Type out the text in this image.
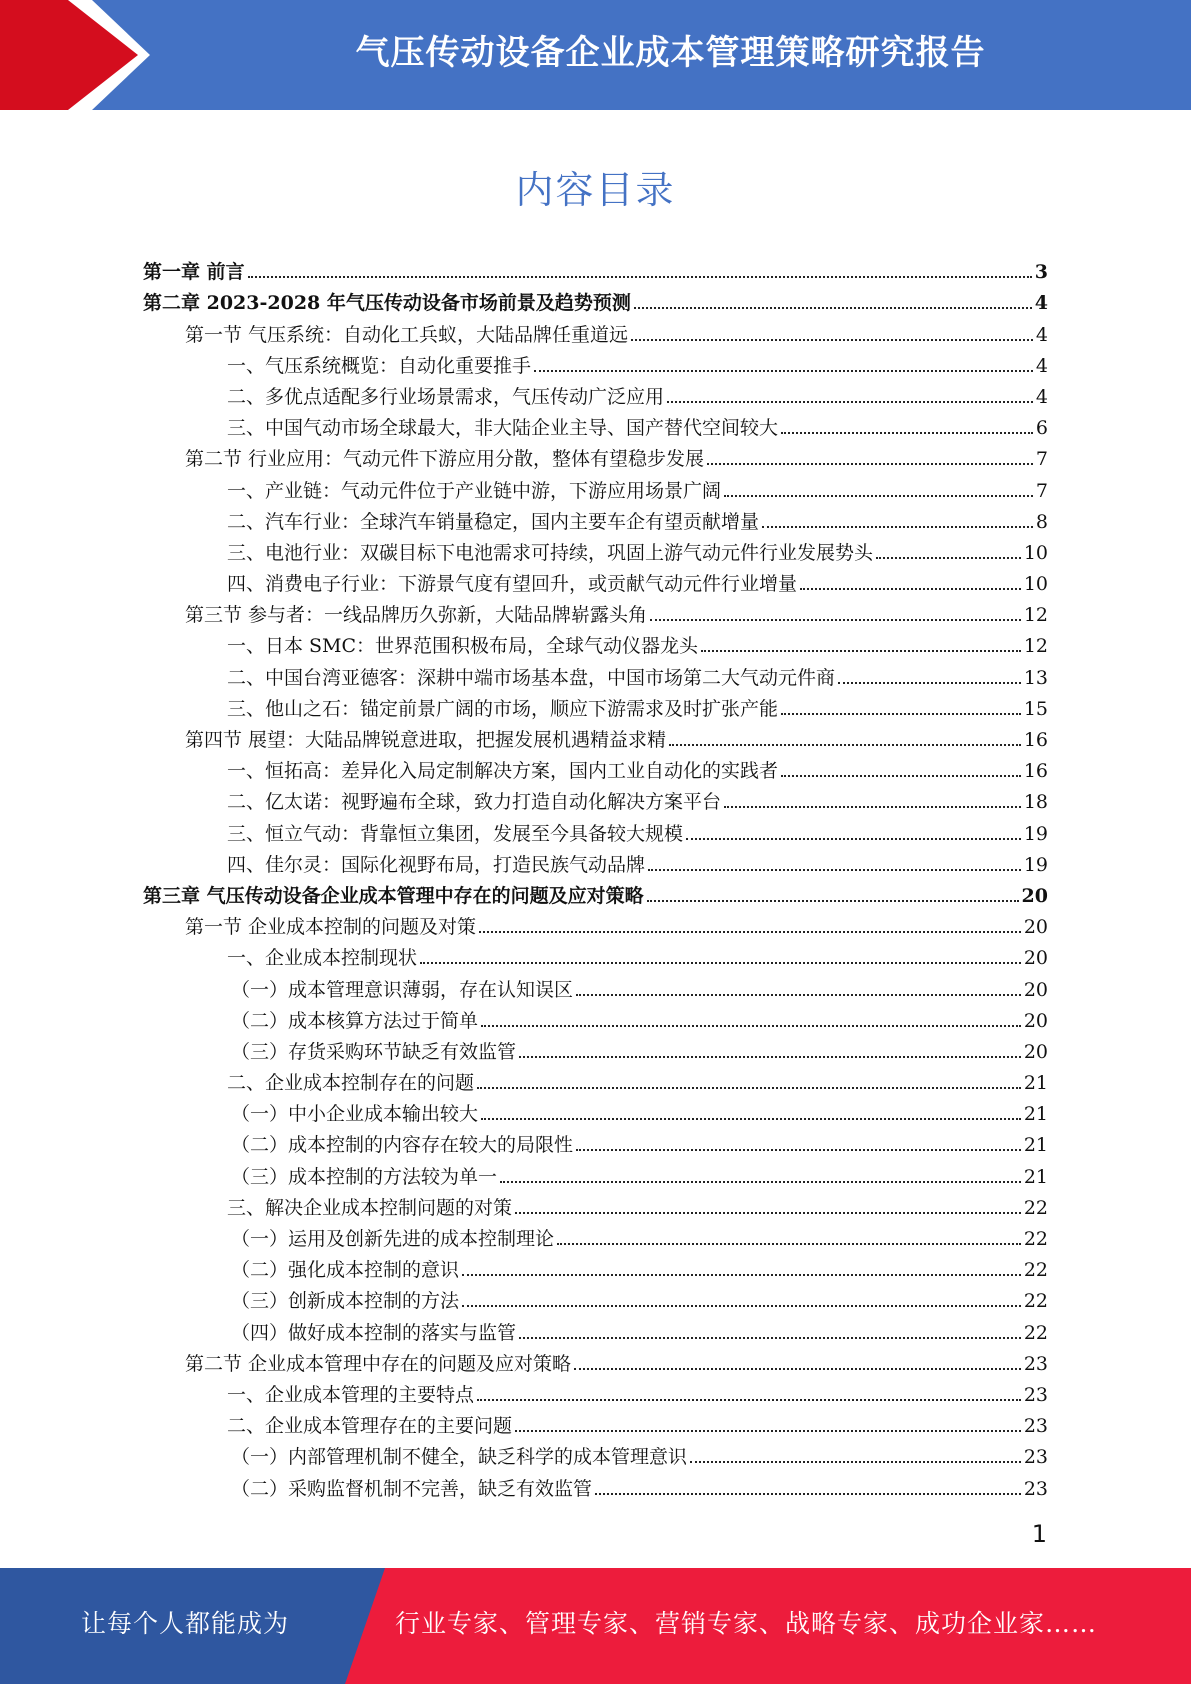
气压传动设备企业成本管理策略研究报告
内容目录
第一章 前言	3
第二章 2023-2028 年气压传动设备市场前景及趋势预测	4
第一节 气压系统：自动化工兵蚁，大陆品牌任重道远	4
一、气压系统概览：自动化重要推手	4
二、多优点适配多行业场景需求，气压传动广泛应用	4
三、中国气动市场全球最大，非大陆企业主导、国产替代空间较大	6
第二节 行业应用：气动元件下游应用分散，整体有望稳步发展	7
一、产业链：气动元件位于产业链中游，下游应用场景广阔	7
二、汽车行业：全球汽车销量稳定，国内主要车企有望贡献增量	8
三、电池行业：双碳目标下电池需求可持续，巩固上游气动元件行业发展势头	10
四、消费电子行业：下游景气度有望回升，或贡献气动元件行业增量	10
第三节 参与者：一线品牌历久弥新，大陆品牌崭露头角	12
一、日本 SMC：世界范围积极布局，全球气动仪器龙头	12
二、中国台湾亚德客：深耕中端市场基本盘，中国市场第二大气动元件商	13
三、他山之石：锚定前景广阔的市场，顺应下游需求及时扩张产能	15
第四节 展望：大陆品牌锐意进取，把握发展机遇精益求精	16
一、恒拓高：差异化入局定制解决方案，国内工业自动化的实践者	16
二、亿太诺：视野遍布全球，致力打造自动化解决方案平台	18
三、恒立气动：背靠恒立集团，发展至今具备较大规模	19
四、佳尔灵：国际化视野布局，打造民族气动品牌	19
第三章 气压传动设备企业成本管理中存在的问题及应对策略	20
第一节 企业成本控制的问题及对策	20
一、企业成本控制现状	20
（一）成本管理意识薄弱，存在认知误区	20
（二）成本核算方法过于简单	20
（三）存货采购环节缺乏有效监管	20
二、企业成本控制存在的问题	21
（一）中小企业成本输出较大	21
（二）成本控制的内容存在较大的局限性	21
（三）成本控制的方法较为单一	21
三、解决企业成本控制问题的对策	22
（一）运用及创新先进的成本控制理论	22
（二）强化成本控制的意识	22
（三）创新成本控制的方法	22
（四）做好成本控制的落实与监管	22
第二节 企业成本管理中存在的问题及应对策略	23
一、企业成本管理的主要特点	23
二、企业成本管理存在的主要问题	23
（一）内部管理机制不健全，缺乏科学的成本管理意识	23
（二）采购监督机制不完善，缺乏有效监管	23
1
让每个人都能成为	行业专家、管理专家、营销专家、战略专家、成功企业家……
